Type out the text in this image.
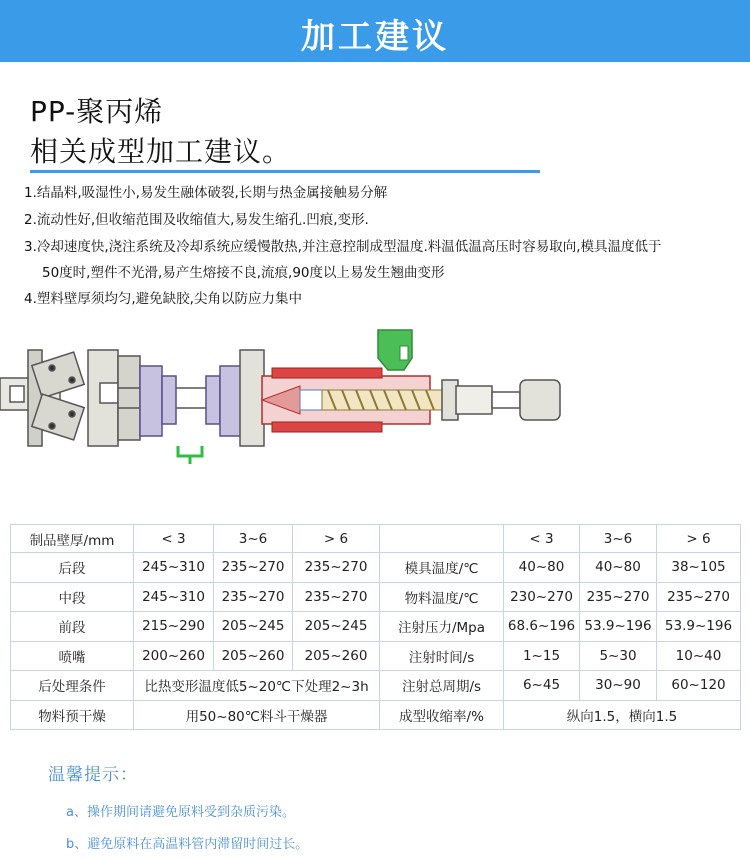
加工建议
PP-聚丙烯
相关成型加工建议。
1.结晶料,吸湿性小,易发生融体破裂,长期与热金属接触易分解
2.流动性好,但收缩范围及收缩值大,易发生缩孔.凹痕,变形.
3.冷却速度快,浇注系统及冷却系统应缓慢散热,并注意控制成型温度.料温低温高压时容易取向,模具温度低于
50度时,塑件不光滑,易产生熔接不良,流痕,90度以上易发生翘曲变形
4.塑料壁厚须均匀,避免缺胶,尖角以防应力集中
制品壁厚/mm	< 3	3~6	> 6		< 3	3~6	> 6
后段	245~310	235~270	235~270	模具温度/℃	40~80	40~80	38~105
中段	245~310	235~270	235~270	物料温度/℃	230~270	235~270	235~270
前段	215~290	205~245	205~245	注射压力/Mpa	68.6~196	53.9~196	53.9~196
喷嘴	200~260	205~260	205~260	注射时间/s	1~15	5~30	10~40
后处理条件	比热变形温度低5~20℃下处理2~3h			注射总周期/s	6~45	30~90	60~120
物料预干燥	用50~80℃料斗干燥器			成型收缩率/%	纵向1.5，横向1.5		
温馨提示：
a、操作期间请避免原料受到杂质污染。
b、避免原料在高温料管内滞留时间过长。
